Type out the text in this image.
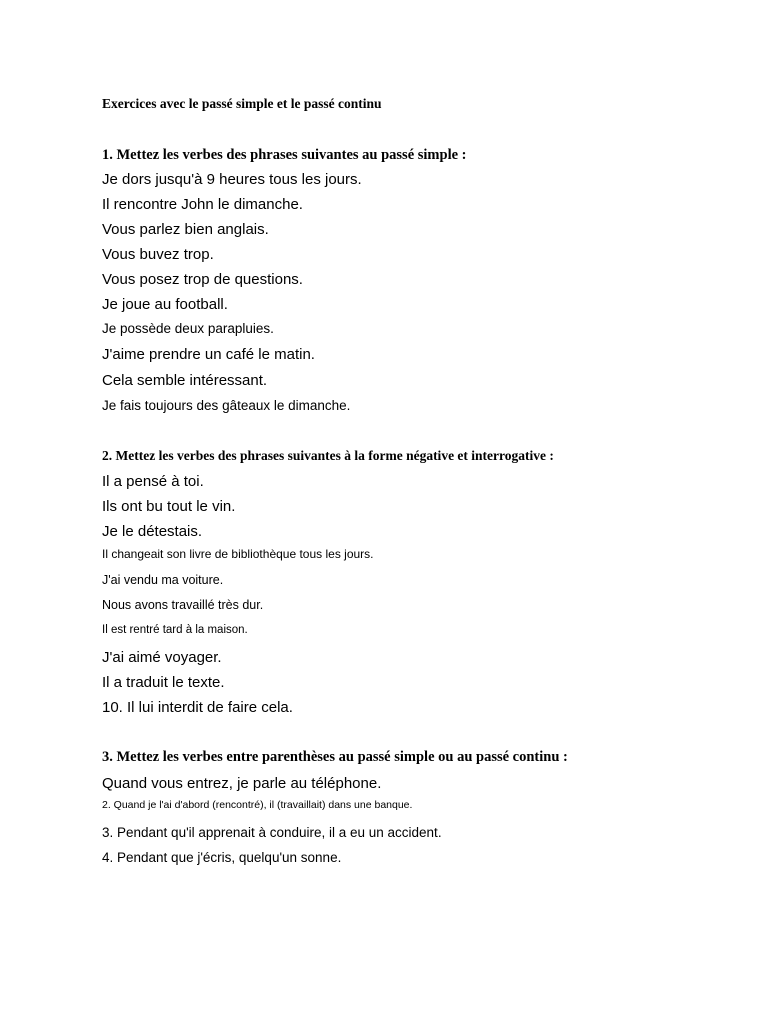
Exercices avec le passé simple et le passé continu
1. Mettez les verbes des phrases suivantes au passé simple :
Je dors jusqu'à 9 heures tous les jours.
Il rencontre John le dimanche.
Vous parlez bien anglais.
Vous buvez trop.
Vous posez trop de questions.
Je joue au football.
Je possède deux parapluies.
J'aime prendre un café le matin.
Cela semble intéressant.
Je fais toujours des gâteaux le dimanche.
2. Mettez les verbes des phrases suivantes à la forme négative et interrogative :
Il a pensé à toi.
Ils ont bu tout le vin.
Je le détestais.
Il changeait son livre de bibliothèque tous les jours.
J'ai vendu ma voiture.
Nous avons travaillé très dur.
Il est rentré tard à la maison.
J'ai aimé voyager.
Il a traduit le texte.
10. Il lui interdit de faire cela.
3. Mettez les verbes entre parenthèses au passé simple ou au passé continu :
Quand vous entrez, je parle au téléphone.
2. Quand je l'ai d'abord (rencontré), il (travaillait) dans une banque.
3. Pendant qu'il apprenait à conduire, il a eu un accident.
4. Pendant que j'écris, quelqu'un sonne.
